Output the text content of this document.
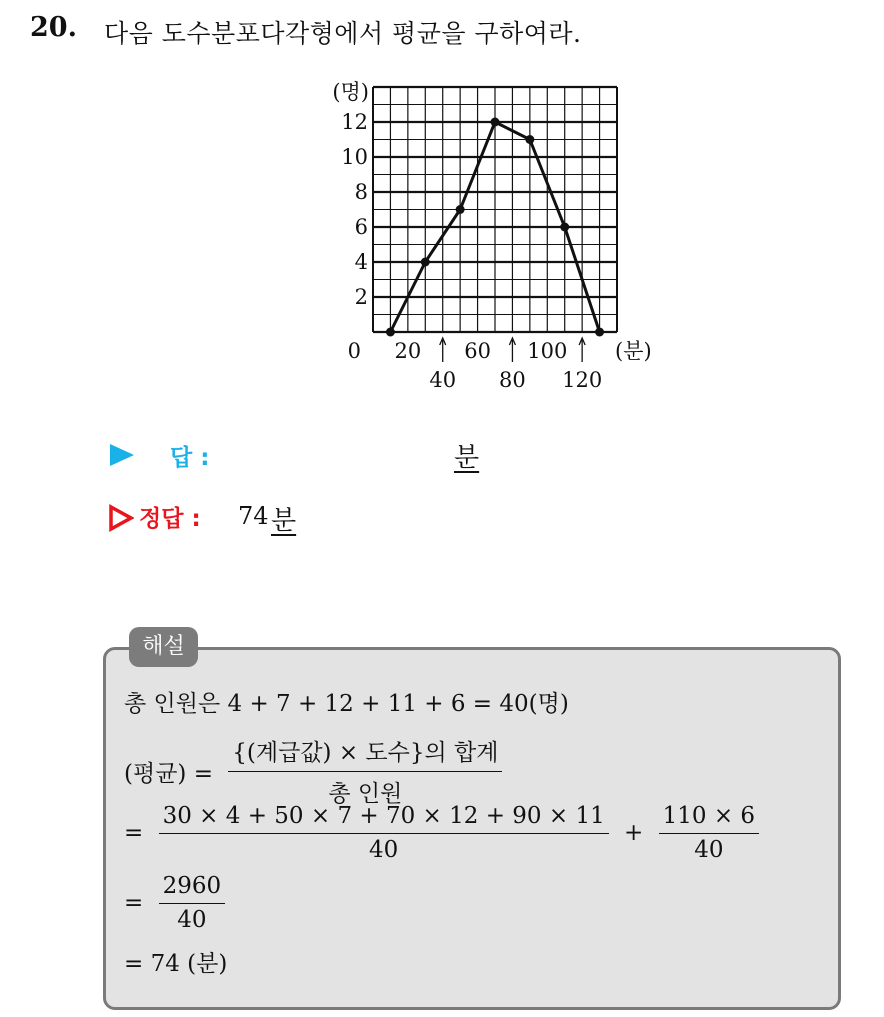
20. 다음 도수분포다각형에서 평균을 구하여라.
2
4
6
8
10
12
(명)
0 20 60 100
40 80 120
(분)
답 :	분
정답 : 74 분
해설
총 인원은 4 + 7 + 12 + 11 + 6 = 40(명)
(평균) = $\frac{\text{\{(계급값) × 도수\}의 합계}}{\text{총 인원}}$
= $\frac{30 \times 4 + 50 \times 7 + 70 \times 12 + 90 \times 11}{40} + \frac{110 \times 6}{40}$
= $\frac{2960}{40}$
= 74 (분)
